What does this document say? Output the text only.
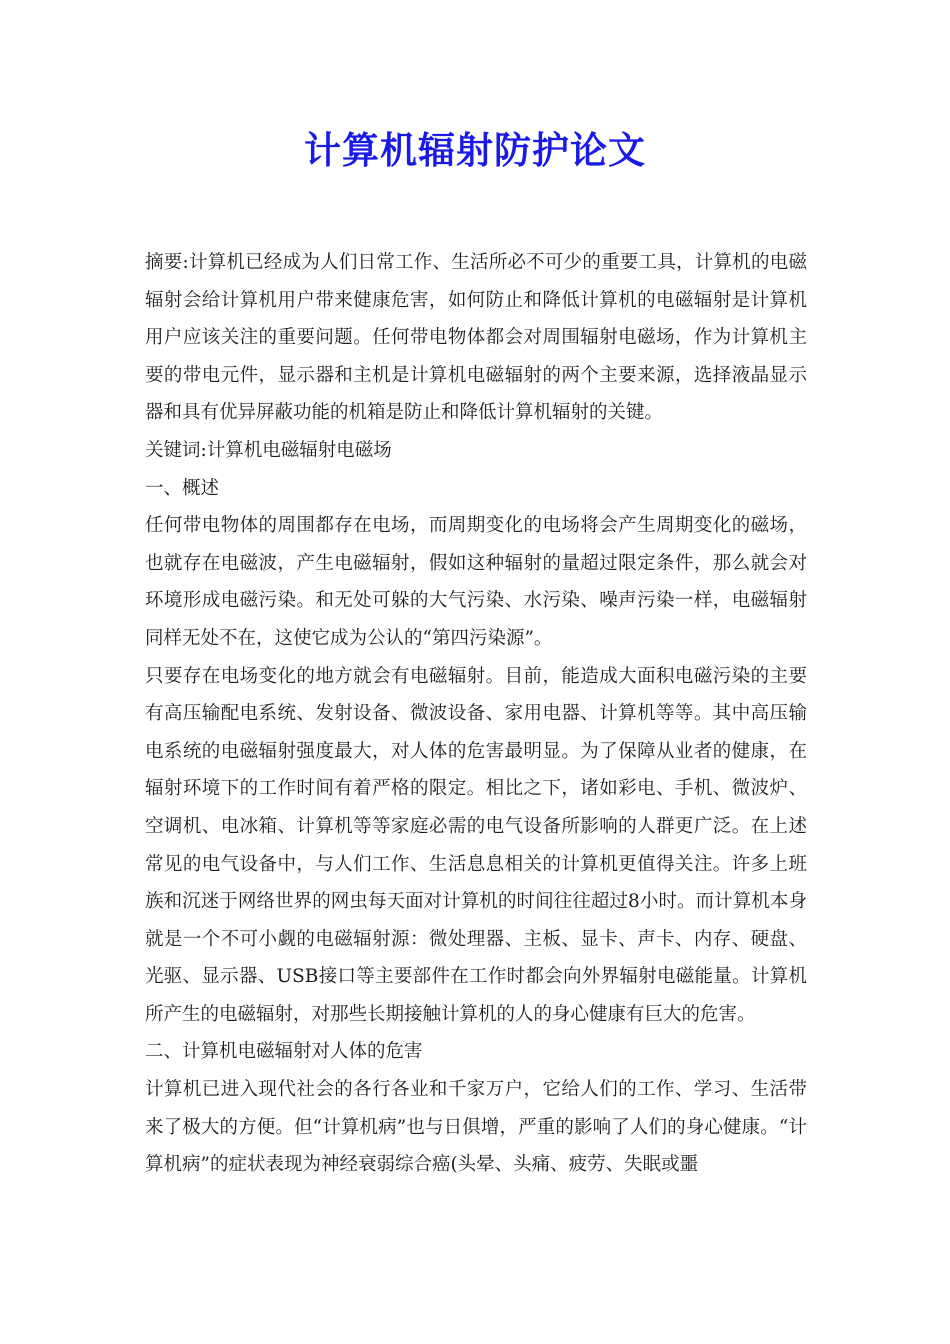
计算机辐射防护论文

摘要:计算机已经成为人们日常工作、生活所必不可少的重要工具，计算机的电磁辐射会给计算机用户带来健康危害，如何防止和降低计算机的电磁辐射是计算机用户应该关注的重要问题。任何带电物体都会对周围辐射电磁场，作为计算机主要的带电元件，显示器和主机是计算机电磁辐射的两个主要来源，选择液晶显示器和具有优异屏蔽功能的机箱是防止和降低计算机辐射的关键。

关键词:计算机电磁辐射电磁场

一、概述

任何带电物体的周围都存在电场，而周期变化的电场将会产生周期变化的磁场，也就存在电磁波，产生电磁辐射，假如这种辐射的量超过限定条件，那么就会对环境形成电磁污染。和无处可躲的大气污染、水污染、噪声污染一样，电磁辐射同样无处不在，这使它成为公认的“第四污染源”。

只要存在电场变化的地方就会有电磁辐射。目前，能造成大面积电磁污染的主要有高压输配电系统、发射设备、微波设备、家用电器、计算机等等。其中高压输电系统的电磁辐射强度最大，对人体的危害最明显。为了保障从业者的健康，在辐射环境下的工作时间有着严格的限定。相比之下，诸如彩电、手机、微波炉、空调机、电冰箱、计算机等等家庭必需的电气设备所影响的人群更广泛。在上述常见的电气设备中，与人们工作、生活息息相关的计算机更值得关注。许多上班族和沉迷于网络世界的网虫每天面对计算机的时间往往超过8小时。而计算机本身就是一个不可小觑的电磁辐射源：微处理器、主板、显卡、声卡、内存、硬盘、光驱、显示器、USB接口等主要部件在工作时都会向外界辐射电磁能量。计算机所产生的电磁辐射，对那些长期接触计算机的人的身心健康有巨大的危害。

二、计算机电磁辐射对人体的危害

计算机已进入现代社会的各行各业和千家万户，它给人们的工作、学习、生活带来了极大的方便。但“计算机病”也与日俱增，严重的影响了人们的身心健康。“计算机病”的症状表现为神经衰弱综合癌(头晕、头痛、疲劳、失眠或噩
